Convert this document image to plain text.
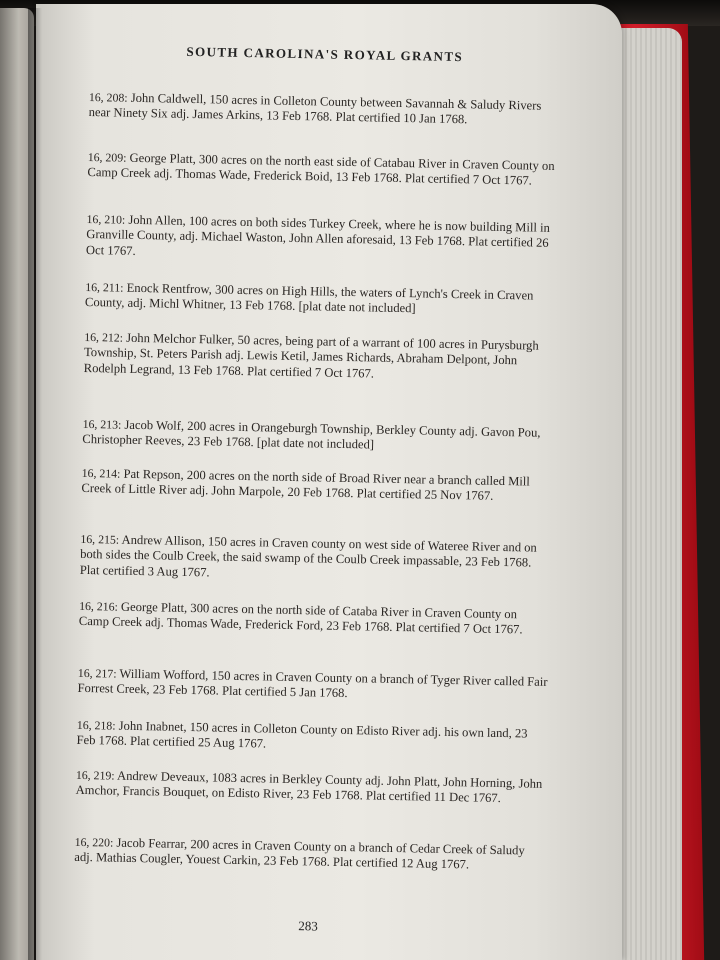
SOUTH CAROLINA'S ROYAL GRANTS

16, 208: John Caldwell, 150 acres in Colleton County between Savannah & Saludy Rivers near Ninety Six adj. James Arkins, 13 Feb 1768. Plat certified 10 Jan 1768.

16, 209: George Platt, 300 acres on the north east side of Catabau River in Craven County on Camp Creek adj. Thomas Wade, Frederick Boid, 13 Feb 1768. Plat certified 7 Oct 1767.

16, 210: John Allen, 100 acres on both sides Turkey Creek, where he is now building Mill in Granville County, adj. Michael Waston, John Allen aforesaid, 13 Feb 1768. Plat certified 26 Oct 1767.

16, 211: Enock Rentfrow, 300 acres on High Hills, the waters of Lynch's Creek in Craven County, adj. Michl Whitner, 13 Feb 1768. [plat date not included]

16, 212: John Melchor Fulker, 50 acres, being part of a warrant of 100 acres in Purysburgh Township, St. Peters Parish adj. Lewis Ketil, James Richards, Abraham Delpont, John Rodelph Legrand, 13 Feb 1768. Plat certified 7 Oct 1767.

16, 213: Jacob Wolf, 200 acres in Orangeburgh Township, Berkley County adj. Gavon Pou, Christopher Reeves, 23 Feb 1768. [plat date not included]

16, 214: Pat Repson, 200 acres on the north side of Broad River near a branch called Mill Creek of Little River adj. John Marpole, 20 Feb 1768. Plat certified 25 Nov 1767.

16, 215: Andrew Allison, 150 acres in Craven county on west side of Wateree River and on both sides the Coulb Creek, the said swamp of the Coulb Creek impassable, 23 Feb 1768. Plat certified 3 Aug 1767.

16, 216: George Platt, 300 acres on the north side of Cataba River in Craven County on Camp Creek adj. Thomas Wade, Frederick Ford, 23 Feb 1768. Plat certified 7 Oct 1767.

16, 217: William Wofford, 150 acres in Craven County on a branch of Tyger River called Fair Forrest Creek, 23 Feb 1768. Plat certified 5 Jan 1768.

16, 218: John Inabnet, 150 acres in Colleton County on Edisto River adj. his own land, 23 Feb 1768. Plat certified 25 Aug 1767.

16, 219: Andrew Deveaux, 1083 acres in Berkley County adj. John Platt, John Horning, John Amchor, Francis Bouquet, on Edisto River, 23 Feb 1768. Plat certified 11 Dec 1767.

16, 220: Jacob Fearrar, 200 acres in Craven County on a branch of Cedar Creek of Saludy adj. Mathias Cougler, Youest Carkin, 23 Feb 1768. Plat certified 12 Aug 1767.

283
